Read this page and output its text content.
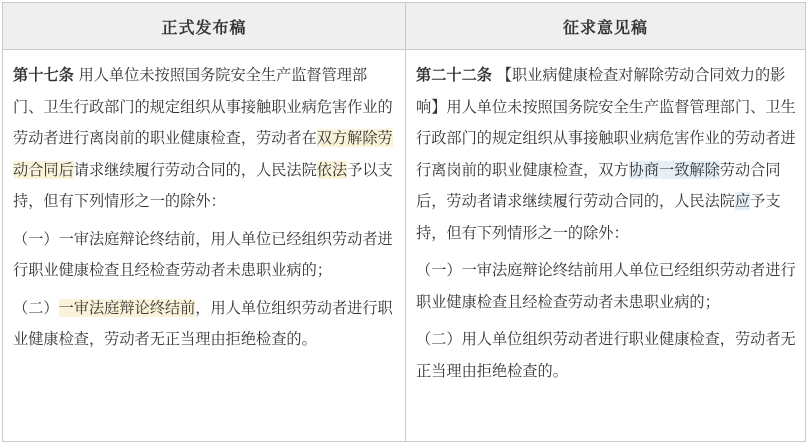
正式发布稿	征求意见稿

第十七条 用人单位未按照国务院安全生产监督管理部门、卫生行政部门的规定组织从事接触职业病危害作业的劳动者进行离岗前的职业健康检查，劳动者在双方解除劳动合同后请求继续履行劳动合同的，人民法院依法予以支持，但有下列情形之一的除外：

（一）一审法庭辩论终结前，用人单位已经组织劳动者进行职业健康检查且经检查劳动者未患职业病的；

（二）一审法庭辩论终结前，用人单位组织劳动者进行职业健康检查，劳动者无正当理由拒绝检查的。

第二十二条 【职业病健康检查对解除劳动合同效力的影响】用人单位未按照国务院安全生产监督管理部门、卫生行政部门的规定组织从事接触职业病危害作业的劳动者进行离岗前的职业健康检查，双方协商一致解除劳动合同后，劳动者请求继续履行劳动合同的，人民法院应予支持，但有下列情形之一的除外：

（一）一审法庭辩论终结前用人单位已经组织劳动者进行职业健康检查且经检查劳动者未患职业病的；

（二）用人单位组织劳动者进行职业健康检查，劳动者无正当理由拒绝检查的。
